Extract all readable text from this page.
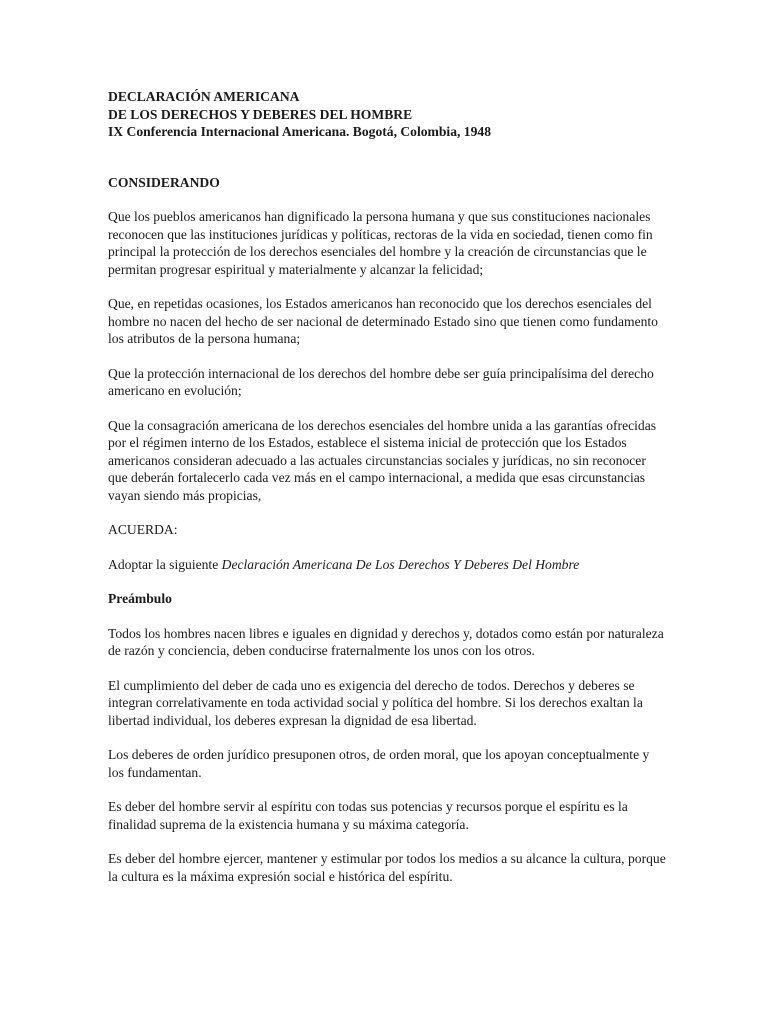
DECLARACIÓN AMERICANA

DE LOS DERECHOS Y DEBERES DEL HOMBRE

IX Conferencia Internacional Americana. Bogotá, Colombia, 1948

CONSIDERANDO

Que los pueblos americanos han dignificado la persona humana y que sus constituciones nacionales reconocen que las instituciones jurídicas y políticas, rectoras de la vida en sociedad, tienen como fin principal la protección de los derechos esenciales del hombre y la creación de circunstancias que le permitan progresar espiritual y materialmente y alcanzar la felicidad;

Que, en repetidas ocasiones, los Estados americanos han reconocido que los derechos esenciales del hombre no nacen del hecho de ser nacional de determinado Estado sino que tienen como fundamento los atributos de la persona humana;

Que la protección internacional de los derechos del hombre debe ser guía principalísima del derecho americano en evolución;

Que la consagración americana de los derechos esenciales del hombre unida a las garantías ofrecidas por el régimen interno de los Estados, establece el sistema inicial de protección que los Estados americanos consideran adecuado a las actuales circunstancias sociales y jurídicas, no sin reconocer que deberán fortalecerlo cada vez más en el campo internacional, a medida que esas circunstancias vayan siendo más propicias,

ACUERDA:

Adoptar la siguiente Declaración Americana De Los Derechos Y Deberes Del Hombre

Preámbulo

Todos los hombres nacen libres e iguales en dignidad y derechos y, dotados como están por naturaleza de razón y conciencia, deben conducirse fraternalmente los unos con los otros.

El cumplimiento del deber de cada uno es exigencia del derecho de todos. Derechos y deberes se integran correlativamente en toda actividad social y política del hombre. Si los derechos exaltan la libertad individual, los deberes expresan la dignidad de esa libertad.

Los deberes de orden jurídico presuponen otros, de orden moral, que los apoyan conceptualmente y los fundamentan.

Es deber del hombre servir al espíritu con todas sus potencias y recursos porque el espíritu es la finalidad suprema de la existencia humana y su máxima categoría.

Es deber del hombre ejercer, mantener y estimular por todos los medios a su alcance la cultura, porque la cultura es la máxima expresión social e histórica del espíritu.
